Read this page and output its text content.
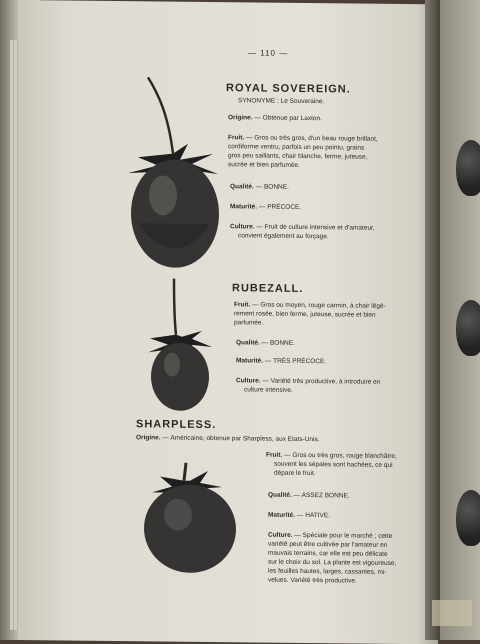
— 110 —
ROYAL SOVEREIGN.
SYNONYME : Le Souveraine.
Origine. — Obtenue par Laxton.
Fruit. — Gros ou très gros, d'un beau rouge brillant,
cordiforme ventru, parfois un peu pointu, grains
gros peu saillants, chair blanche, ferme, juteuse,
sucrée et bien parfumée.
Qualité. — BONNE.
Maturité. — PRÉCOCE.
Culture. — Fruit de culture intensive et d'amateur,
convient également au forçage.
RUBEZALL.
Fruit. — Gros ou moyen, rouge carmin, à chair légè-
rement rosée, bien ferme, juteuse, sucrée et bien
parfumée.
Qualité. — BONNE.
Maturité. — TRÈS PRÉCOCE.
Culture. — Variété très productive, à introduire en
culture intensive.
SHARPLESS.
Origine. — Américaine, obtenue par Sharpless, aux Etats-Unis.
Fruit. — Gros ou très gros, rouge blanchâtre,
souvent les sépales sont hachées, ce qui
dépare le fruit.
Qualité. — ASSEZ BONNE.
Maturité. — HATIVE.
Culture. — Spéciale pour le marché ; cette
variété peut être cultivée par l'amateur en
mauvais terrains, car elle est peu délicate
sur le choix du sol. La plante est vigoureuse,
les feuilles hautes, larges, cassantes, mi-
velues. Variété très productive.
